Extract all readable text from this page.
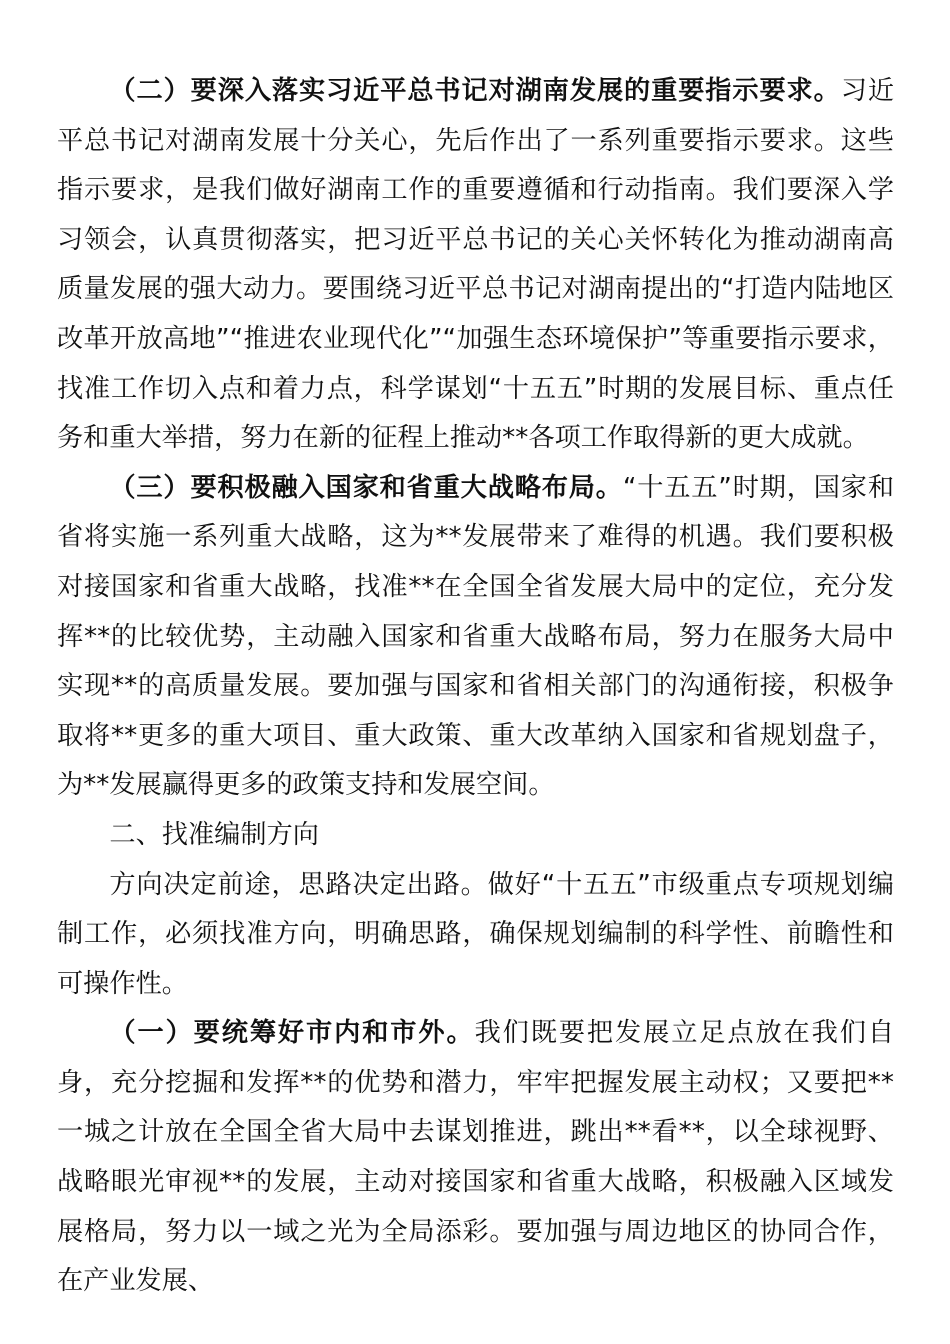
（二）要深入落实习近平总书记对湖南发展的重要指示要求。习近平总书记对湖南发展十分关心，先后作出了一系列重要指示要求。这些指示要求，是我们做好湖南工作的重要遵循和行动指南。我们要深入学习领会，认真贯彻落实，把习近平总书记的关心关怀转化为推动湖南高质量发展的强大动力。要围绕习近平总书记对湖南提出的“打造内陆地区改革开放高地”“推进农业现代化”“加强生态环境保护”等重要指示要求，找准工作切入点和着力点，科学谋划“十五五”时期的发展目标、重点任务和重大举措，努力在新的征程上推动**各项工作取得新的更大成就。

（三）要积极融入国家和省重大战略布局。“十五五”时期，国家和省将实施一系列重大战略，这为**发展带来了难得的机遇。我们要积极对接国家和省重大战略，找准**在全国全省发展大局中的定位，充分发挥**的比较优势，主动融入国家和省重大战略布局，努力在服务大局中实现**的高质量发展。要加强与国家和省相关部门的沟通衔接，积极争取将**更多的重大项目、重大政策、重大改革纳入国家和省规划盘子，为**发展赢得更多的政策支持和发展空间。

二、找准编制方向

方向决定前途，思路决定出路。做好“十五五”市级重点专项规划编制工作，必须找准方向，明确思路，确保规划编制的科学性、前瞻性和可操作性。

（一）要统筹好市内和市外。我们既要把发展立足点放在我们自身，充分挖掘和发挥**的优势和潜力，牢牢把握发展主动权；又要把**一城之计放在全国全省大局中去谋划推进，跳出**看**，以全球视野、战略眼光审视**的发展，主动对接国家和省重大战略，积极融入区域发展格局，努力以一域之光为全局添彩。要加强与周边地区的协同合作，在产业发展、
